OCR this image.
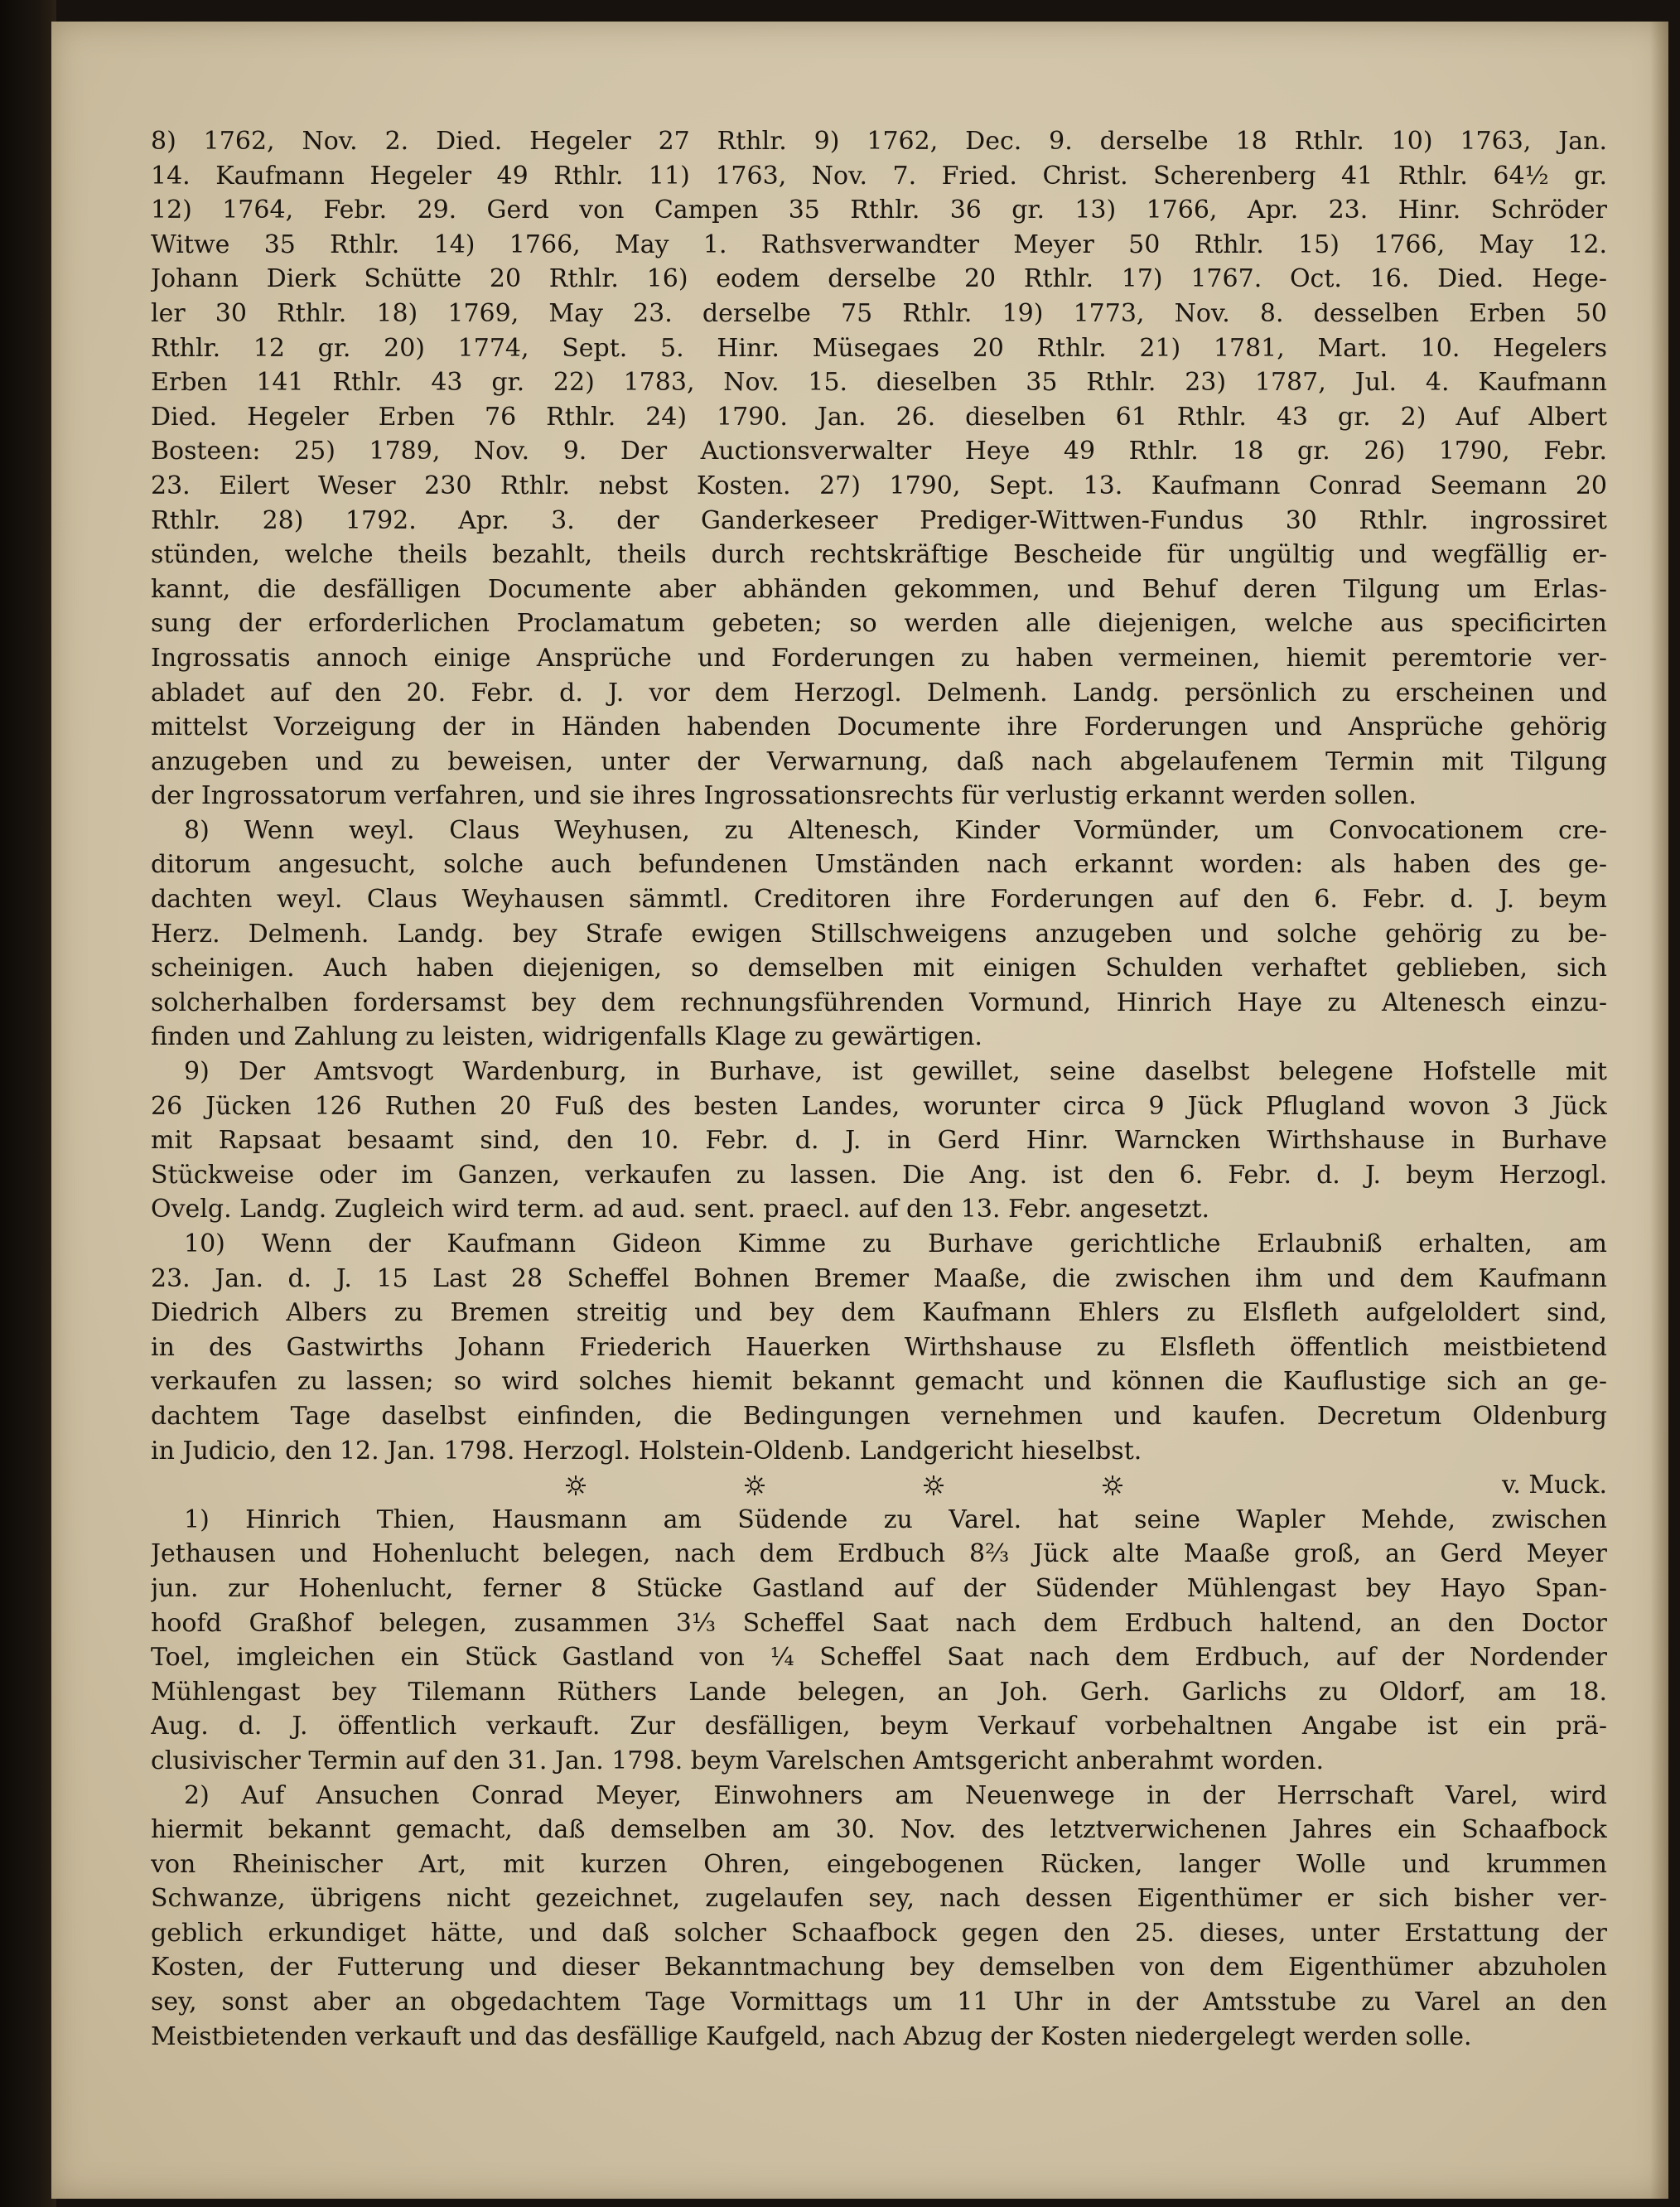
8) 1762, Nov. 2. Died. Hegeler 27 Rthlr. 9) 1762, Dec. 9. derselbe 18 Rthlr. 10) 1763, Jan.
14. Kaufmann Hegeler 49 Rthlr. 11) 1763, Nov. 7. Fried. Christ. Scherenberg 41 Rthlr. 64½ gr.
12) 1764, Febr. 29. Gerd von Campen 35 Rthlr. 36 gr. 13) 1766, Apr. 23. Hinr. Schröder
Witwe 35 Rthlr. 14) 1766, May 1. Rathsverwandter Meyer 50 Rthlr. 15) 1766, May 12.
Johann Dierk Schütte 20 Rthlr. 16) eodem derselbe 20 Rthlr. 17) 1767. Oct. 16. Died. Hege-
ler 30 Rthlr. 18) 1769, May 23. derselbe 75 Rthlr. 19) 1773, Nov. 8. desselben Erben 50
Rthlr. 12 gr. 20) 1774, Sept. 5. Hinr. Müsegaes 20 Rthlr. 21) 1781, Mart. 10. Hegelers
Erben 141 Rthlr. 43 gr. 22) 1783, Nov. 15. dieselben 35 Rthlr. 23) 1787, Jul. 4. Kaufmann
Died. Hegeler Erben 76 Rthlr. 24) 1790. Jan. 26. dieselben 61 Rthlr. 43 gr. 2) Auf Albert
Bosteen: 25) 1789, Nov. 9. Der Auctionsverwalter Heye 49 Rthlr. 18 gr. 26) 1790, Febr.
23. Eilert Weser 230 Rthlr. nebst Kosten. 27) 1790, Sept. 13. Kaufmann Conrad Seemann 20
Rthlr. 28) 1792. Apr. 3. der Ganderkeseer Prediger-Wittwen-Fundus 30 Rthlr. ingrossiret
stünden, welche theils bezahlt, theils durch rechtskräftige Bescheide für ungültig und wegfällig er-
kannt, die desfälligen Documente aber abhänden gekommen, und Behuf deren Tilgung um Erlas-
sung der erforderlichen Proclamatum gebeten; so werden alle diejenigen, welche aus specificirten
Ingrossatis annoch einige Ansprüche und Forderungen zu haben vermeinen, hiemit peremtorie ver-
abladet auf den 20. Febr. d. J. vor dem Herzogl. Delmenh. Landg. persönlich zu erscheinen und
mittelst Vorzeigung der in Händen habenden Documente ihre Forderungen und Ansprüche gehörig
anzugeben und zu beweisen, unter der Verwarnung, daß nach abgelaufenem Termin mit Tilgung
der Ingrossatorum verfahren, und sie ihres Ingrossationsrechts für verlustig erkannt werden sollen.
8) Wenn weyl. Claus Weyhusen, zu Altenesch, Kinder Vormünder, um Convocationem cre-
ditorum angesucht, solche auch befundenen Umständen nach erkannt worden: als haben des ge-
dachten weyl. Claus Weyhausen sämmtl. Creditoren ihre Forderungen auf den 6. Febr. d. J. beym
Herz. Delmenh. Landg. bey Strafe ewigen Stillschweigens anzugeben und solche gehörig zu be-
scheinigen. Auch haben diejenigen, so demselben mit einigen Schulden verhaftet geblieben, sich
solcherhalben fordersamst bey dem rechnungsführenden Vormund, Hinrich Haye zu Altenesch einzu-
finden und Zahlung zu leisten, widrigenfalls Klage zu gewärtigen.
9) Der Amtsvogt Wardenburg, in Burhave, ist gewillet, seine daselbst belegene Hofstelle mit
26 Jücken 126 Ruthen 20 Fuß des besten Landes, worunter circa 9 Jück Pflugland wovon 3 Jück
mit Rapsaat besaamt sind, den 10. Febr. d. J. in Gerd Hinr. Warncken Wirthshause in Burhave
Stückweise oder im Ganzen, verkaufen zu lassen. Die Ang. ist den 6. Febr. d. J. beym Herzogl.
Ovelg. Landg. Zugleich wird term. ad aud. sent. praecl. auf den 13. Febr. angesetzt.
10) Wenn der Kaufmann Gideon Kimme zu Burhave gerichtliche Erlaubniß erhalten, am
23. Jan. d. J. 15 Last 28 Scheffel Bohnen Bremer Maaße, die zwischen ihm und dem Kaufmann
Diedrich Albers zu Bremen streitig und bey dem Kaufmann Ehlers zu Elsfleth aufgeloldert sind,
in des Gastwirths Johann Friederich Hauerken Wirthshause zu Elsfleth öffentlich meistbietend
verkaufen zu lassen; so wird solches hiemit bekannt gemacht und können die Kauflustige sich an ge-
dachtem Tage daselbst einfinden, die Bedingungen vernehmen und kaufen. Decretum Oldenburg
in Judicio, den 12. Jan. 1798. Herzogl. Holstein-Oldenb. Landgericht hieselbst.
v. Muck.
1) Hinrich Thien, Hausmann am Südende zu Varel. hat seine Wapler Mehde, zwischen
Jethausen und Hohenlucht belegen, nach dem Erdbuch 8⅔ Jück alte Maaße groß, an Gerd Meyer
jun. zur Hohenlucht, ferner 8 Stücke Gastland auf der Südender Mühlengast bey Hayo Span-
hoofd Graßhof belegen, zusammen 3⅓ Scheffel Saat nach dem Erdbuch haltend, an den Doctor
Toel, imgleichen ein Stück Gastland von ¼ Scheffel Saat nach dem Erdbuch, auf der Nordender
Mühlengast bey Tilemann Rüthers Lande belegen, an Joh. Gerh. Garlichs zu Oldorf, am 18.
Aug. d. J. öffentlich verkauft. Zur desfälligen, beym Verkauf vorbehaltnen Angabe ist ein prä-
clusivischer Termin auf den 31. Jan. 1798. beym Varelschen Amtsgericht anberahmt worden.
2) Auf Ansuchen Conrad Meyer, Einwohners am Neuenwege in der Herrschaft Varel, wird
hiermit bekannt gemacht, daß demselben am 30. Nov. des letztverwichenen Jahres ein Schaafbock
von Rheinischer Art, mit kurzen Ohren, eingebogenen Rücken, langer Wolle und krummen
Schwanze, übrigens nicht gezeichnet, zugelaufen sey, nach dessen Eigenthümer er sich bisher ver-
geblich erkundiget hätte, und daß solcher Schaafbock gegen den 25. dieses, unter Erstattung der
Kosten, der Futterung und dieser Bekanntmachung bey demselben von dem Eigenthümer abzuholen
sey, sonst aber an obgedachtem Tage Vormittags um 11 Uhr in der Amtsstube zu Varel an den
Meistbietenden verkauft und das desfällige Kaufgeld, nach Abzug der Kosten niedergelegt werden solle.
